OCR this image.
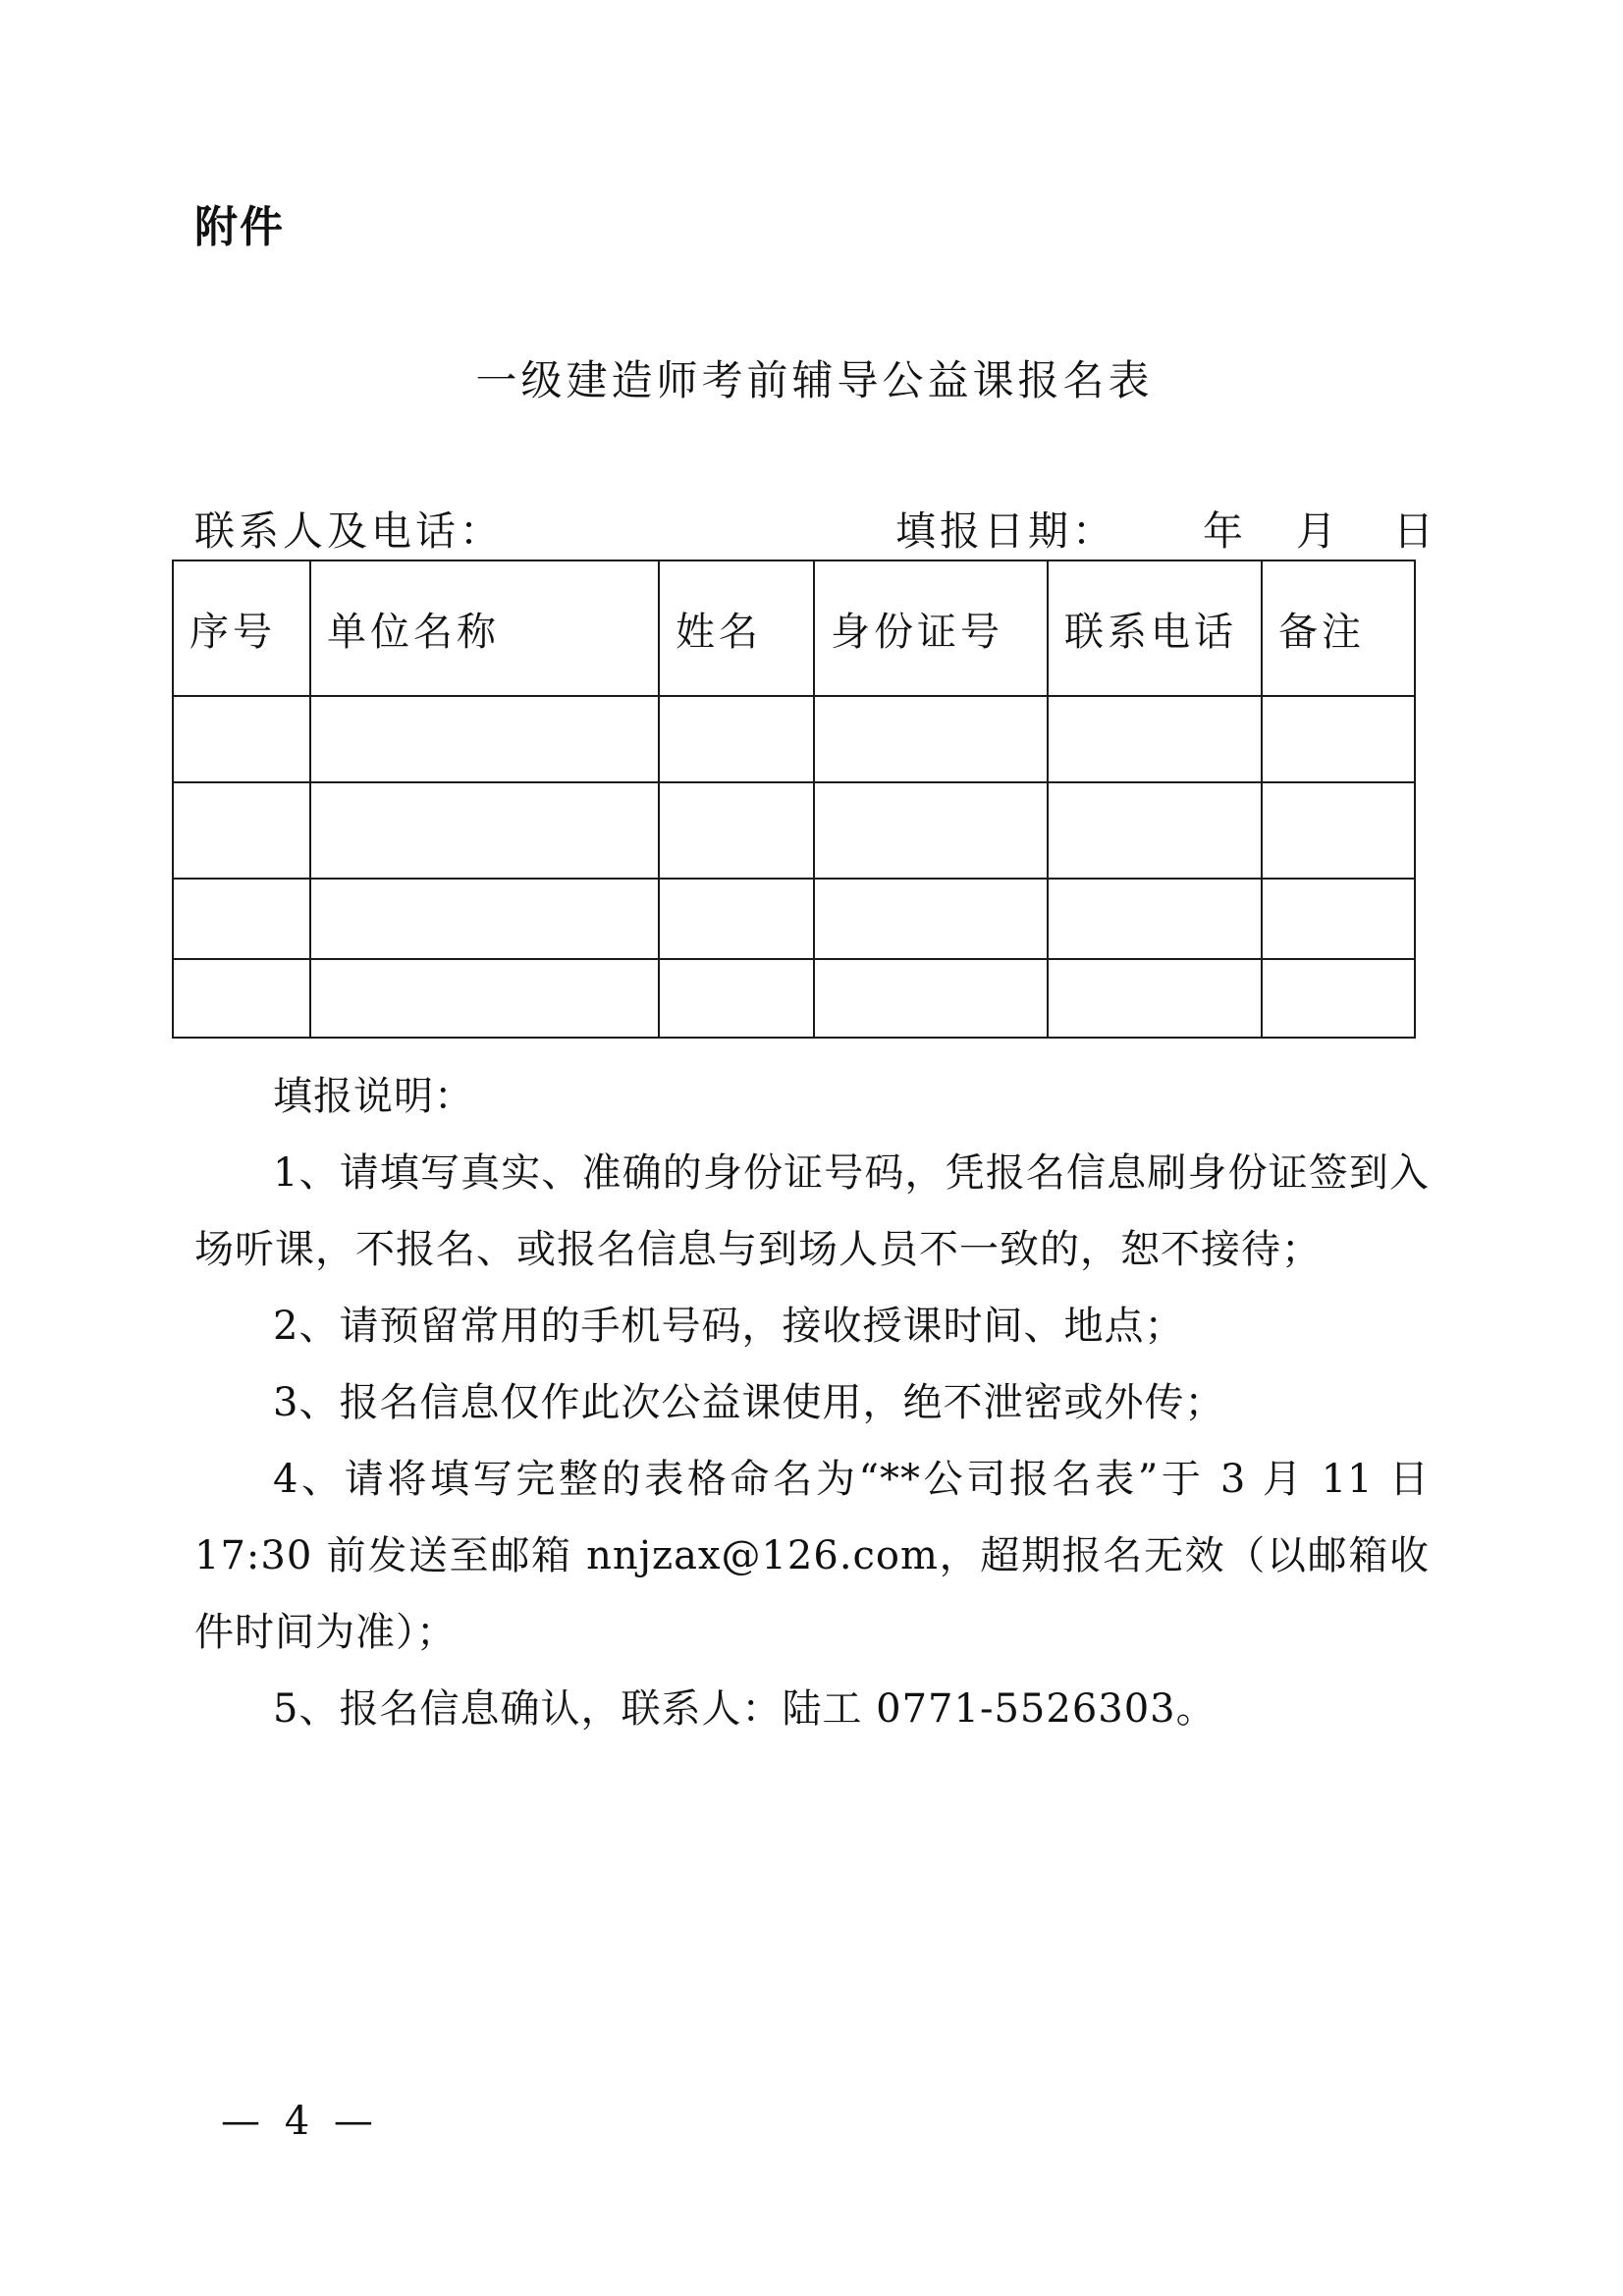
附件
一级建造师考前辅导公益课报名表
联系人及电话：	填报日期： 年 月 日
序号	单位名称	姓名	身份证号	联系电话	备注

填报说明：

1、请填写真实、准确的身份证号码，凭报名信息刷身份证签到入场听课，不报名、或报名信息与到场人员不一致的，恕不接待；

2、请预留常用的手机号码，接收授课时间、地点；

3、报名信息仅作此次公益课使用，绝不泄密或外传；

4、请将填写完整的表格命名为“**公司报名表”于 3 月 11 日 17:30 前发送至邮箱 nnjzax@126.com，超期报名无效（以邮箱收件时间为准）；

5、报名信息确认，联系人：陆工 0771-5526303。

— 4 —
